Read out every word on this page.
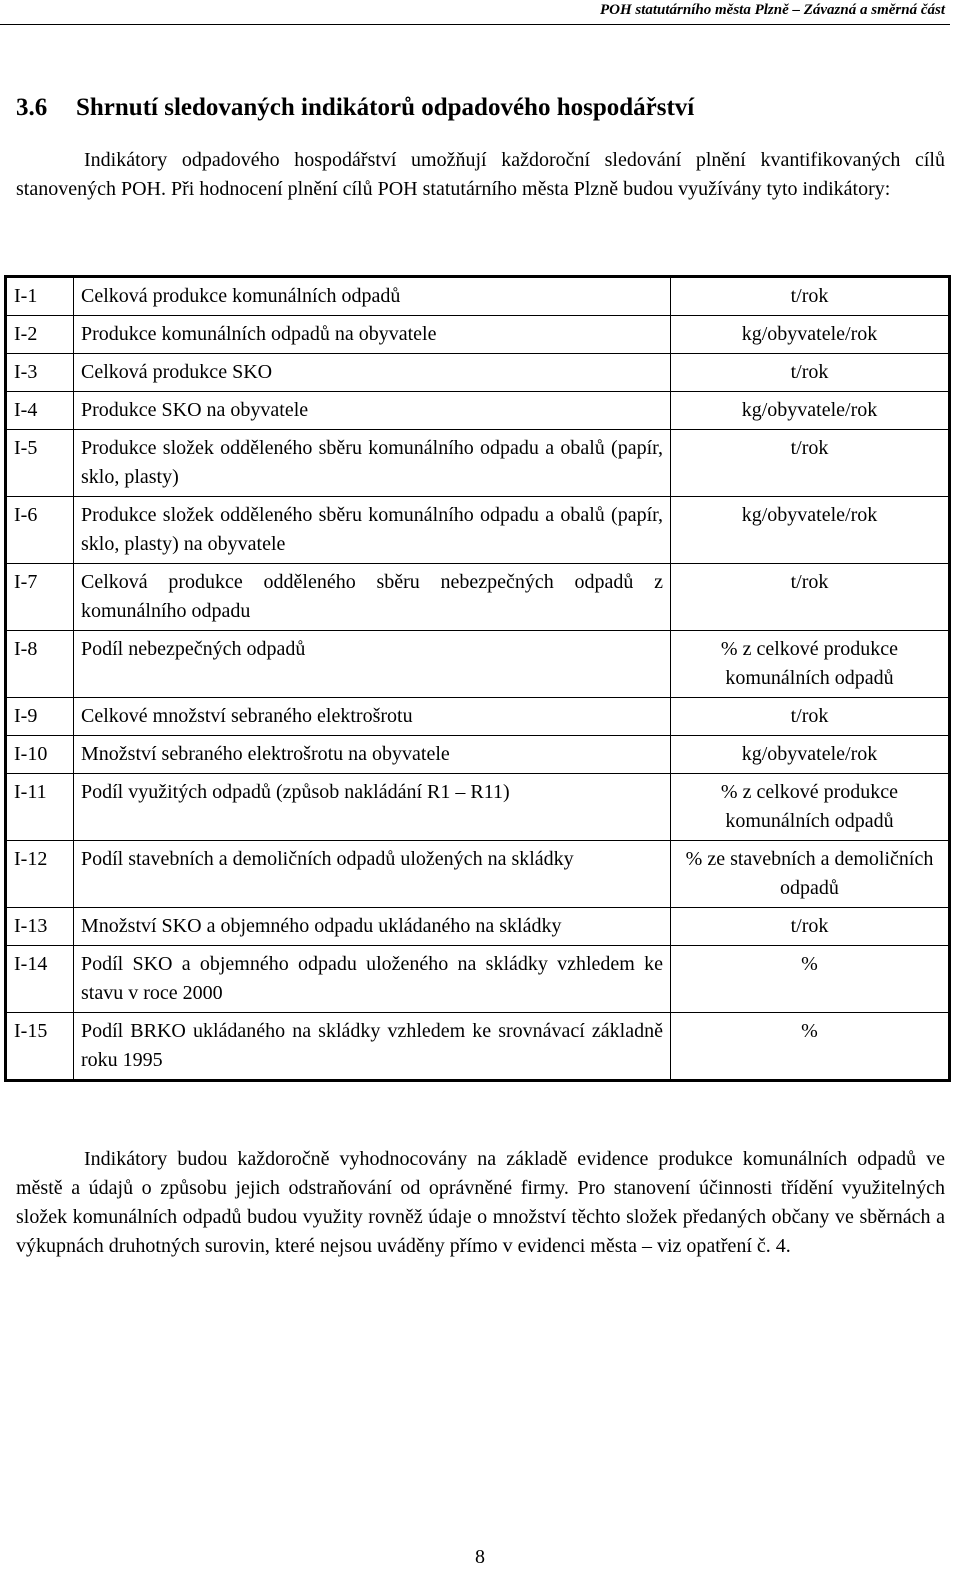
POH statutárního města Plzně – Závazná a směrná část
3.6 Shrnutí sledovaných indikátorů odpadového hospodářství

Indikátory odpadového hospodářství umožňují každoroční sledování plnění kvantifikovaných cílů stanovených POH. Při hodnocení plnění cílů POH statutárního města Plzně budou využívány tyto indikátory:

I-1	Celková produkce komunálních odpadů	t/rok
I-2	Produkce komunálních odpadů na obyvatele	kg/obyvatele/rok
I-3	Celková produkce SKO	t/rok
I-4	Produkce SKO na obyvatele	kg/obyvatele/rok
I-5	Produkce složek odděleného sběru komunálního odpadu a obalů (papír, sklo, plasty)	t/rok
I-6	Produkce složek odděleného sběru komunálního odpadu a obalů (papír, sklo, plasty) na obyvatele	kg/obyvatele/rok
I-7	Celková produkce odděleného sběru nebezpečných odpadů z komunálního odpadu	t/rok
I-8	Podíl nebezpečných odpadů	% z celkové produkce komunálních odpadů
I-9	Celkové množství sebraného elektrošrotu	t/rok
I-10	Množství sebraného elektrošrotu na obyvatele	kg/obyvatele/rok
I-11	Podíl využitých odpadů (způsob nakládání R1 – R11)	% z celkové produkce komunálních odpadů
I-12	Podíl stavebních a demoličních odpadů uložených na skládky	% ze stavebních a demoličních odpadů
I-13	Množství SKO a objemného odpadu ukládaného na skládky	t/rok
I-14	Podíl SKO a objemného odpadu uloženého na skládky vzhledem ke stavu v roce 2000	%
I-15	Podíl BRKO ukládaného na skládky vzhledem ke srovnávací základně roku 1995	%

Indikátory budou každoročně vyhodnocovány na základě evidence produkce komunálních odpadů ve městě a údajů o způsobu jejich odstraňování od oprávněné firmy. Pro stanovení účinnosti třídění využitelných složek komunálních odpadů budou využity rovněž údaje o množství těchto složek předaných občany ve sběrnách a výkupnách druhotných surovin, které nejsou uváděny přímo v evidenci města – viz opatření č. 4.

8
